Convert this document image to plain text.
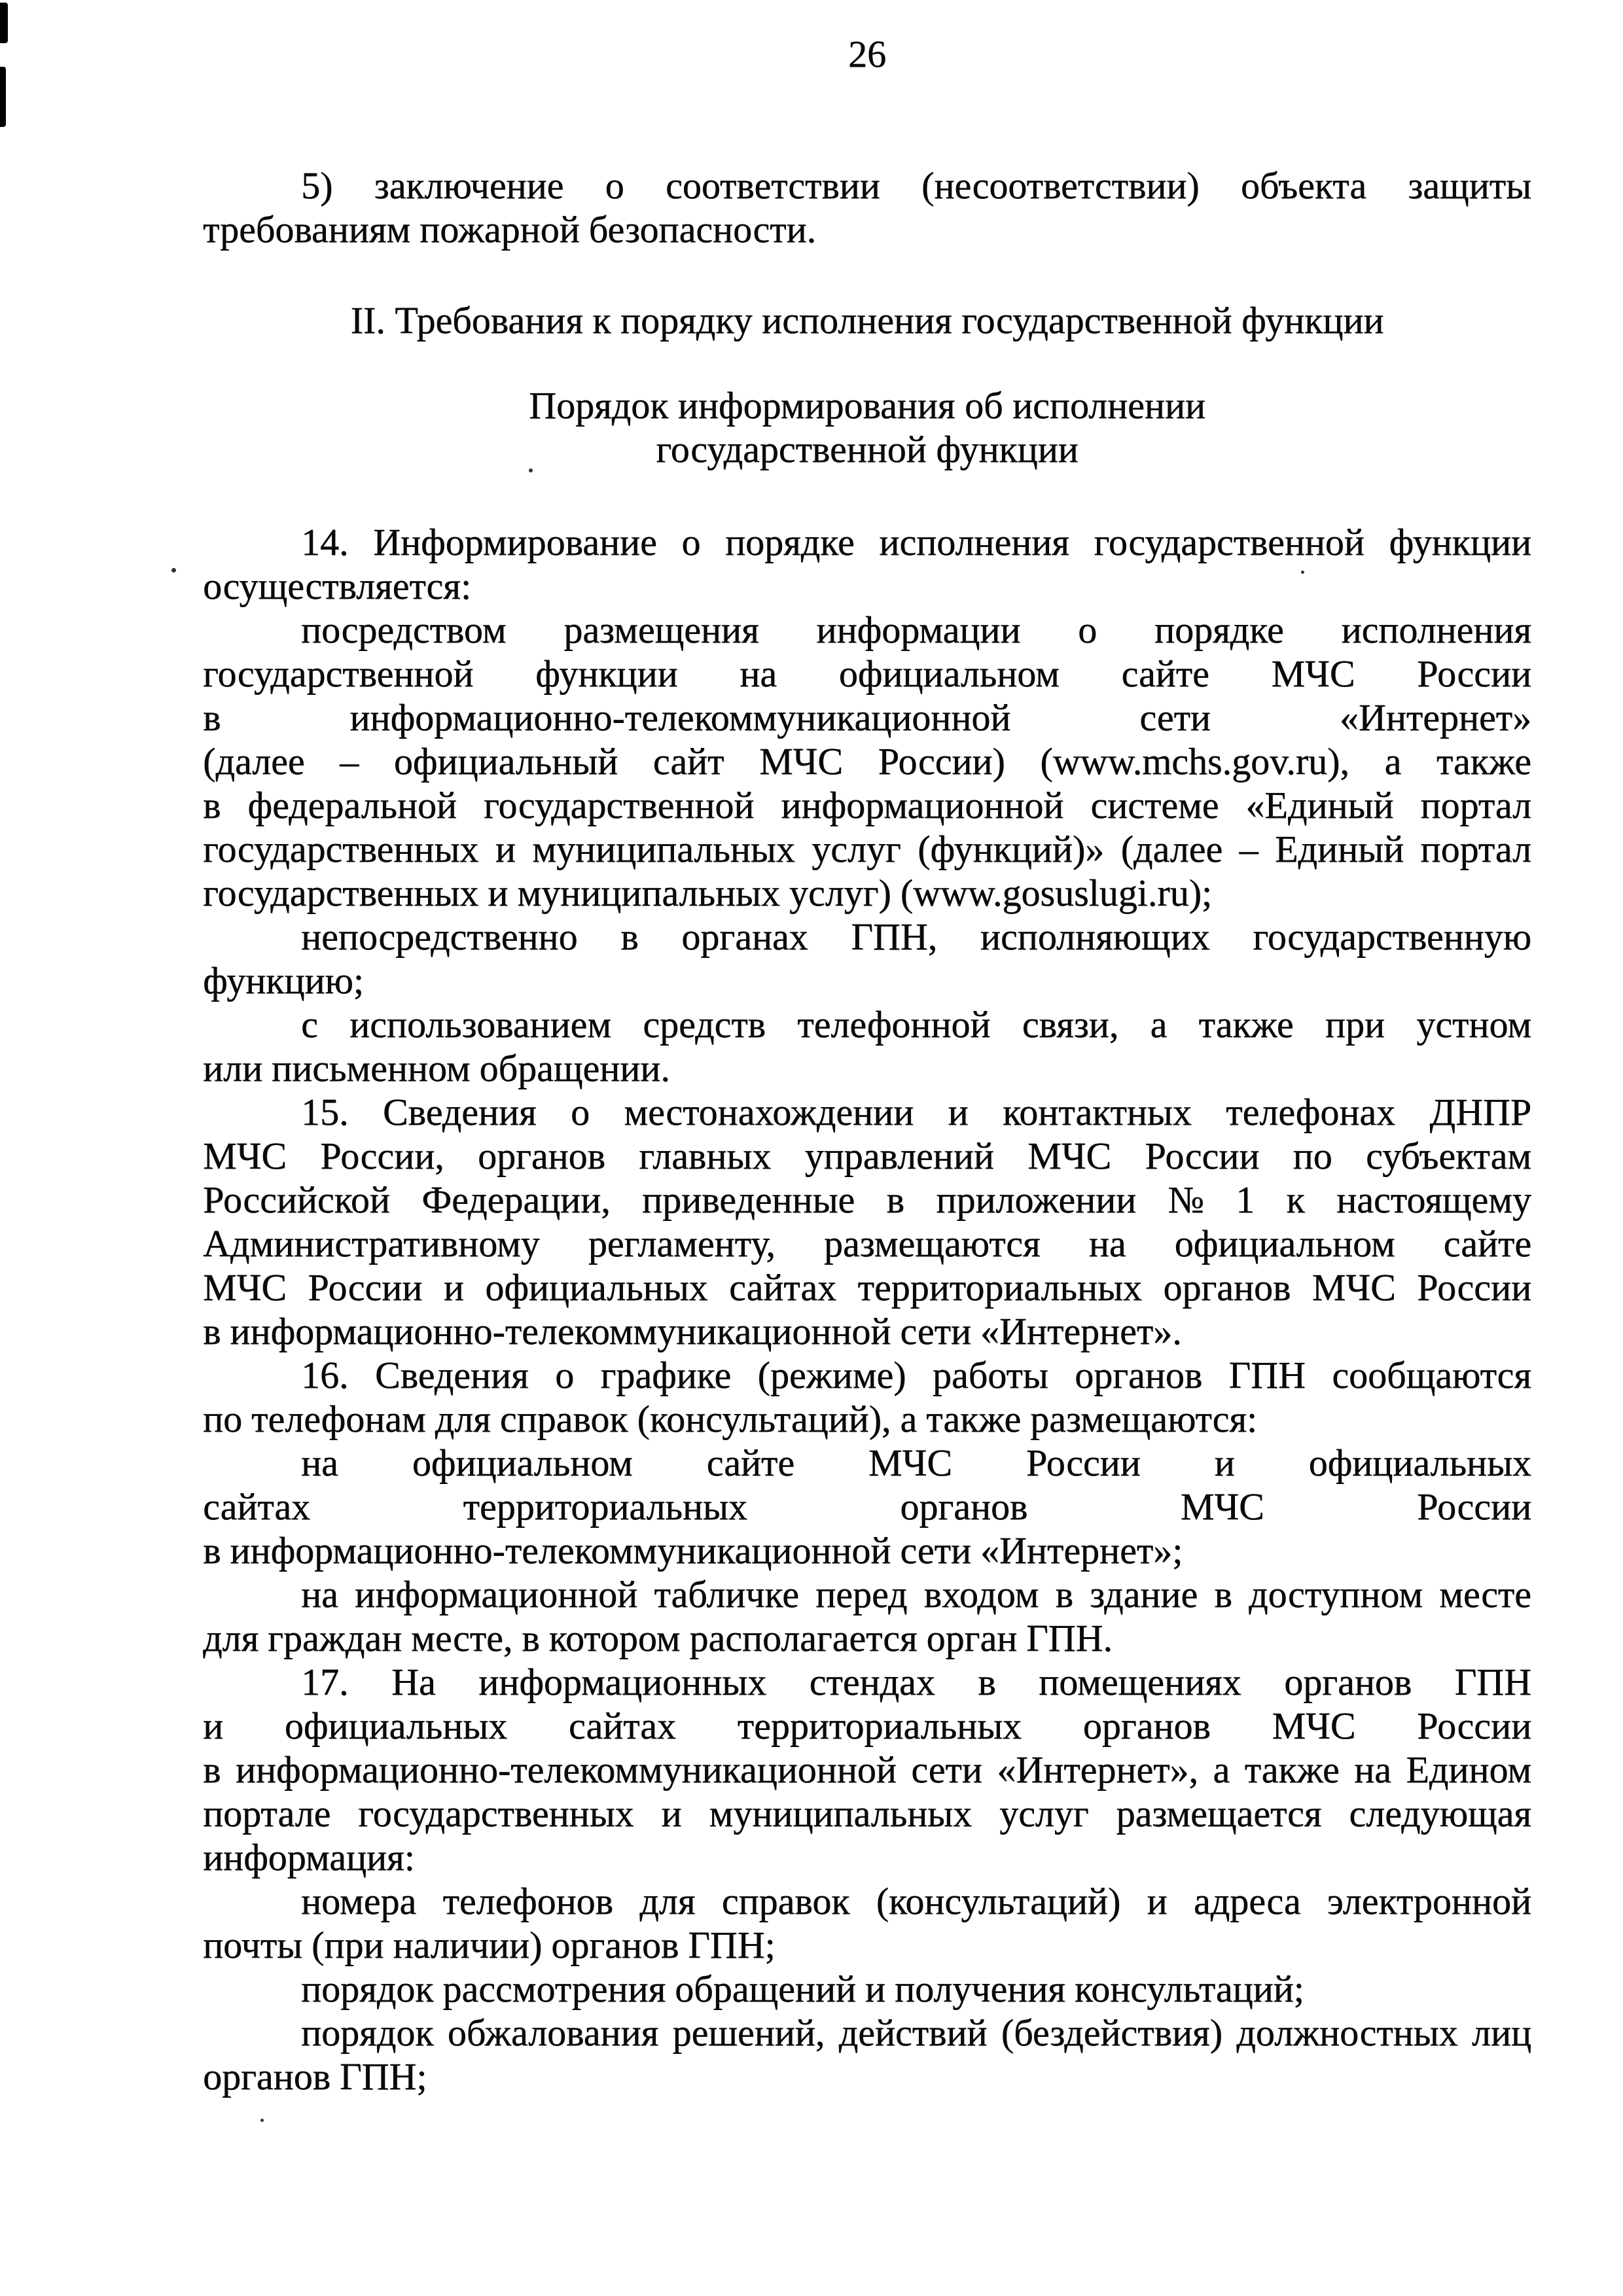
26
5) заключение о соответствии (несоответствии) объекта защиты
требованиям пожарной безопасности.
II. Требования к порядку исполнения государственной функции
Порядок информирования об исполнении
государственной функции
14. Информирование о порядке исполнения государственной функции
осуществляется:
посредством размещения информации о порядке исполнения
государственной функции на официальном сайте МЧС России
в	информационно-телекоммуникационной	сети	«Интернет»
(далее – официальный сайт МЧС России) (www.mchs.gov.ru), а также
в федеральной государственной информационной системе «Единый портал
государственных и муниципальных услуг (функций)» (далее – Единый портал
государственных и муниципальных услуг) (www.gosuslugi.ru);
непосредственно в органах ГПН, исполняющих государственную
функцию;
с использованием средств телефонной связи, а также при устном
или письменном обращении.
15. Сведения о местонахождении и контактных телефонах ДНПР
МЧС России, органов главных управлений МЧС России по субъектам
Российской Федерации, приведенные в приложении № 1 к настоящему
Административному регламенту, размещаются на официальном сайте
МЧС России и официальных сайтах территориальных органов МЧС России
в информационно-телекоммуникационной сети «Интернет».
16. Сведения о графике (режиме) работы органов ГПН сообщаются
по телефонам для справок (консультаций), а также размещаются:
на официальном сайте МЧС России и официальных
сайтах	территориальных	органов	МЧС	России
в информационно-телекоммуникационной сети «Интернет»;
на информационной табличке перед входом в здание в доступном месте
для граждан месте, в котором располагается орган ГПН.
17. На информационных стендах в помещениях органов ГПН
и официальных сайтах территориальных органов МЧС России
в информационно-телекоммуникационной сети «Интернет», а также на Едином
портале государственных и муниципальных услуг размещается следующая
информация:
номера телефонов для справок (консультаций) и адреса электронной
почты (при наличии) органов ГПН;
порядок рассмотрения обращений и получения консультаций;
порядок обжалования решений, действий (бездействия) должностных лиц
органов ГПН;
